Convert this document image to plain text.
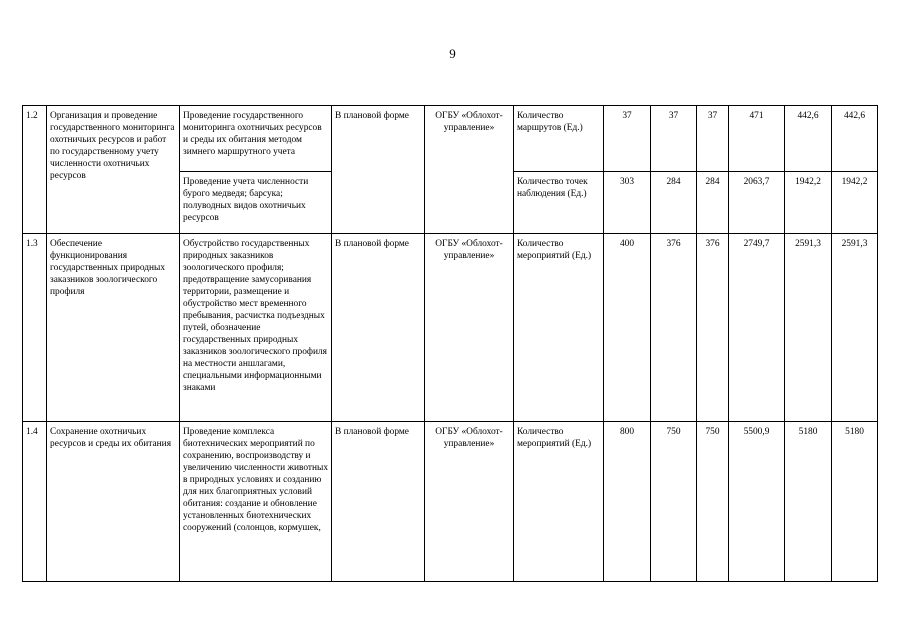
9
1.2	Организация и проведение государственного мониторинга охотничьих ресурсов и работ по государственному учету численности охотничьих ресурсов	Проведение государственного мониторинга охотничьих ресурсов и среды их обитания методом зимнего маршрутного учета	В плановой форме	ОГБУ «Облохот-управление»	Количество маршрутов (Ед.)	37	37	37	471	442,6	442,6
		Проведение учета численности бурого медведя; барсука; полуводных видов охотничьих ресурсов			Количество точек наблюдения (Ед.)	303	284	284	2063,7	1942,2	1942,2
1.3	Обеспечение функционирования государственных природных заказников зоологического профиля	Обустройство государственных природных заказников зоологического профиля; предотвращение замусоривания территории, размещение и обустройство мест временного пребывания, расчистка подъездных путей, обозначение государственных природных заказников зоологического профиля на местности аншлагами, специальными информационными знаками	В плановой форме	ОГБУ «Облохот-управление»	Количество мероприятий (Ед.)	400	376	376	2749,7	2591,3	2591,3
1.4	Сохранение охотничьих ресурсов и среды их обитания	Проведение комплекса биотехнических мероприятий по сохранению, воспроизводству и увеличению численности животных в природных условиях и созданию для них благоприятных условий обитания: создание и обновление установленных биотехнических сооружений (солонцов, кормушек,	В плановой форме	ОГБУ «Облохот-управление»	Количество мероприятий (Ед.)	800	750	750	5500,9	5180	5180
